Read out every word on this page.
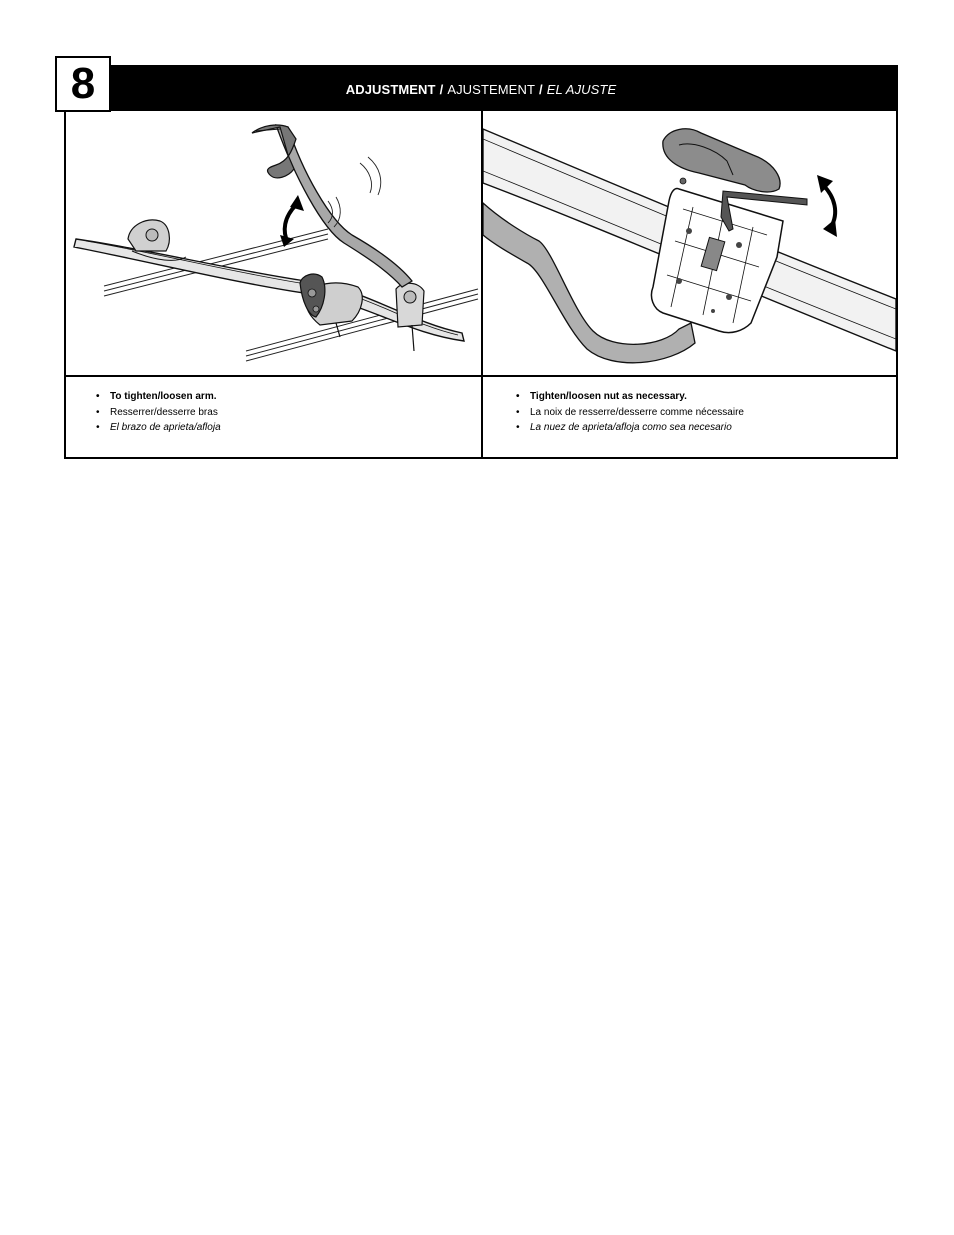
8	ADJUSTMENT / AJUSTEMENT / EL AJUSTE
• To tighten/loosen arm.
• Resserrer/desserre bras
• El brazo de aprieta/afloja
• Tighten/loosen nut as necessary.
• La noix de resserre/desserre comme nécessaire
• La nuez de aprieta/afloja como sea necesario
